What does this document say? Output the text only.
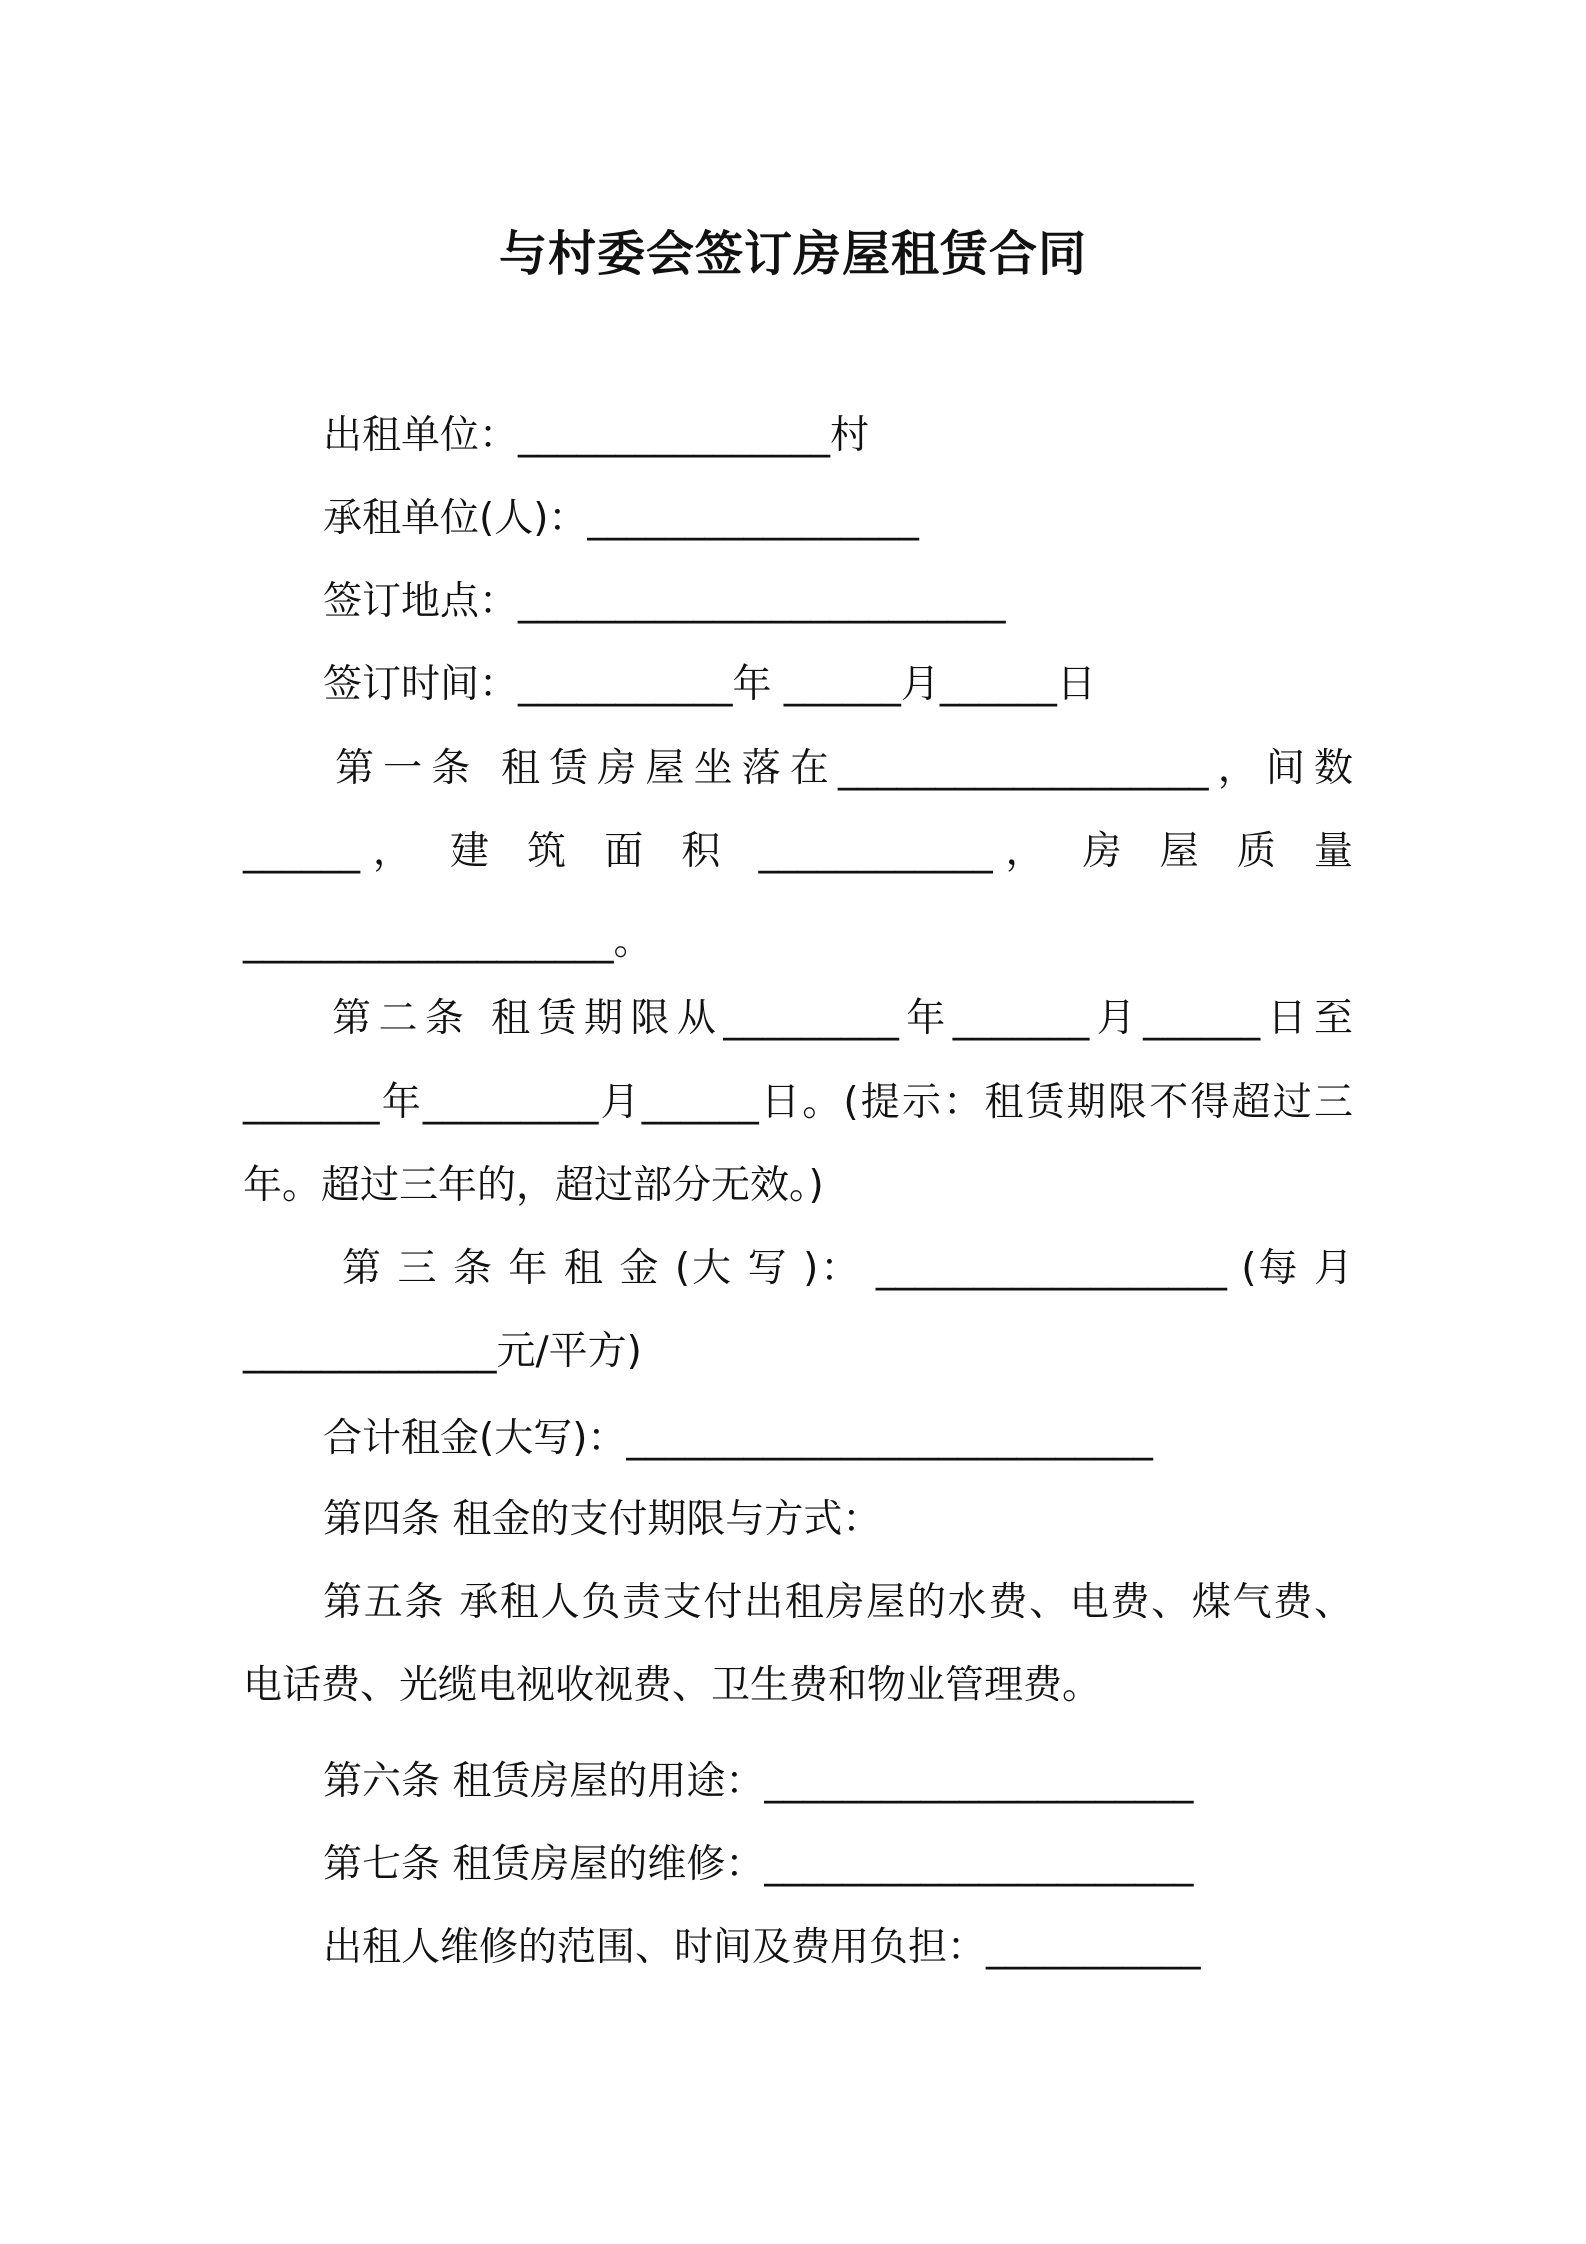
与村委会签订房屋租赁合同
出租单位：________________村
承租单位(人)：_________________
签订地点：_________________________
签订时间：___________年 ______月______日
第一条 租赁房屋坐落在___________________，间数
______， 建 筑 面 积 ____________， 房 屋 质 量
___________________。
第二条 租赁期限从_________年_______月______日至
_______年_________月______日。(提示：租赁期限不得超过三
年。超过三年的，超过部分无效。)
第 三 条 年 租 金 (大 写 )： __________________ (每 月
_____________元/平方)
合计租金(大写)：___________________________
第四条 租金的支付期限与方式：
第五条 承租人负责支付出租房屋的水费、电费、煤气费、
电话费、光缆电视收视费、卫生费和物业管理费。
第六条 租赁房屋的用途：______________________
第七条 租赁房屋的维修：______________________
出租人维修的范围、时间及费用负担：___________
